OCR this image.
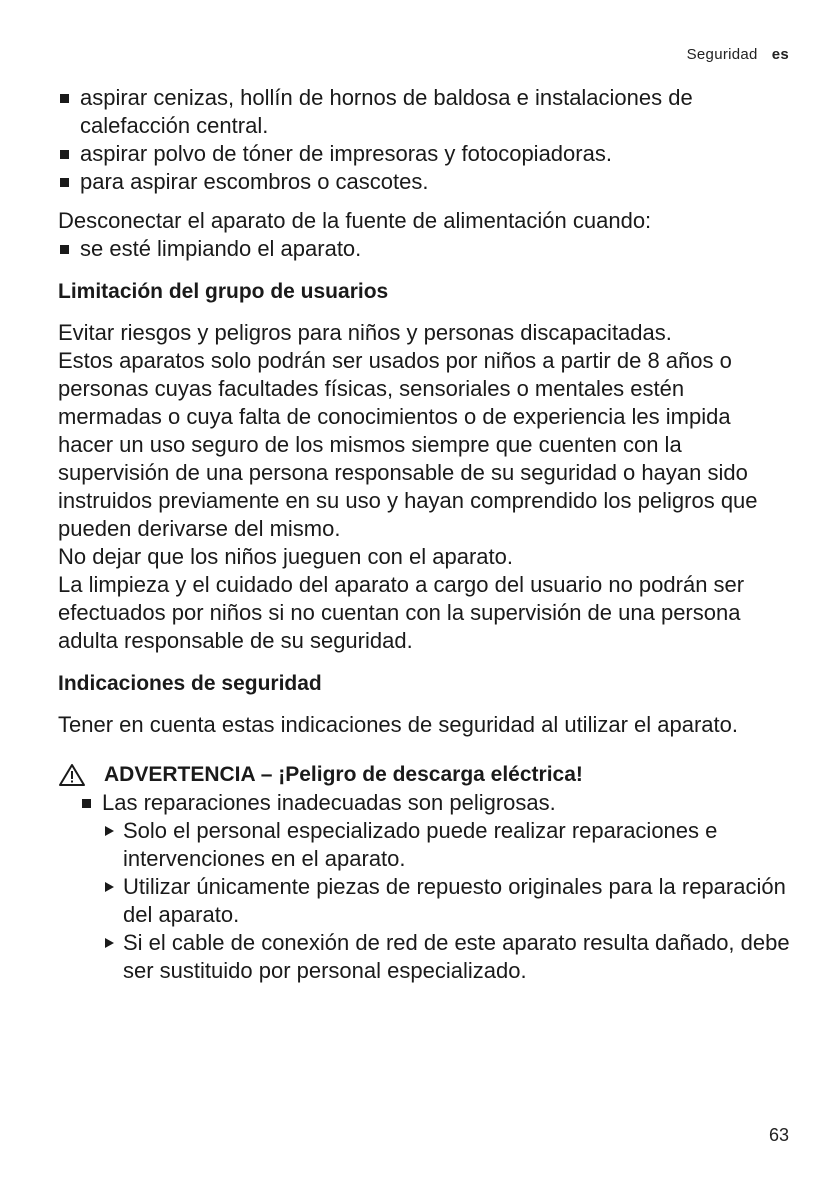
Seguridad es
aspirar cenizas, hollín de hornos de baldosa e instalaciones de calefacción central.
aspirar polvo de tóner de impresoras y fotocopiadoras.
para aspirar escombros o cascotes.

Desconectar el aparato de la fuente de alimentación cuando:

se esté limpiando el aparato.
Limitación del grupo de usuarios

Evitar riesgos y peligros para niños y personas discapacitadas.

Estos aparatos solo podrán ser usados por niños a partir de 8 años o personas cuyas facultades físicas, sensoriales o mentales estén mermadas o cuya falta de conocimientos o de experiencia les impida hacer un uso seguro de los mismos siempre que cuenten con la supervisión de una persona responsable de su seguridad o hayan sido instruidos previamente en su uso y hayan comprendido los peligros que pueden derivarse del mismo.

No dejar que los niños jueguen con el aparato.

La limpieza y el cuidado del aparato a cargo del usuario no podrán ser efectuados por niños si no cuentan con la supervisión de una persona adulta responsable de su seguridad.

Indicaciones de seguridad

Tener en cuenta estas indicaciones de seguridad al utilizar el aparato.

ADVERTENCIA – ¡Peligro de descarga eléctrica!
Las reparaciones inadecuadas son peligrosas.
Solo el personal especializado puede realizar reparaciones e intervenciones en el aparato.
Utilizar únicamente piezas de repuesto originales para la reparación del aparato.
Si el cable de conexión de red de este aparato resulta dañado, debe ser sustituido por personal especializado.
63
